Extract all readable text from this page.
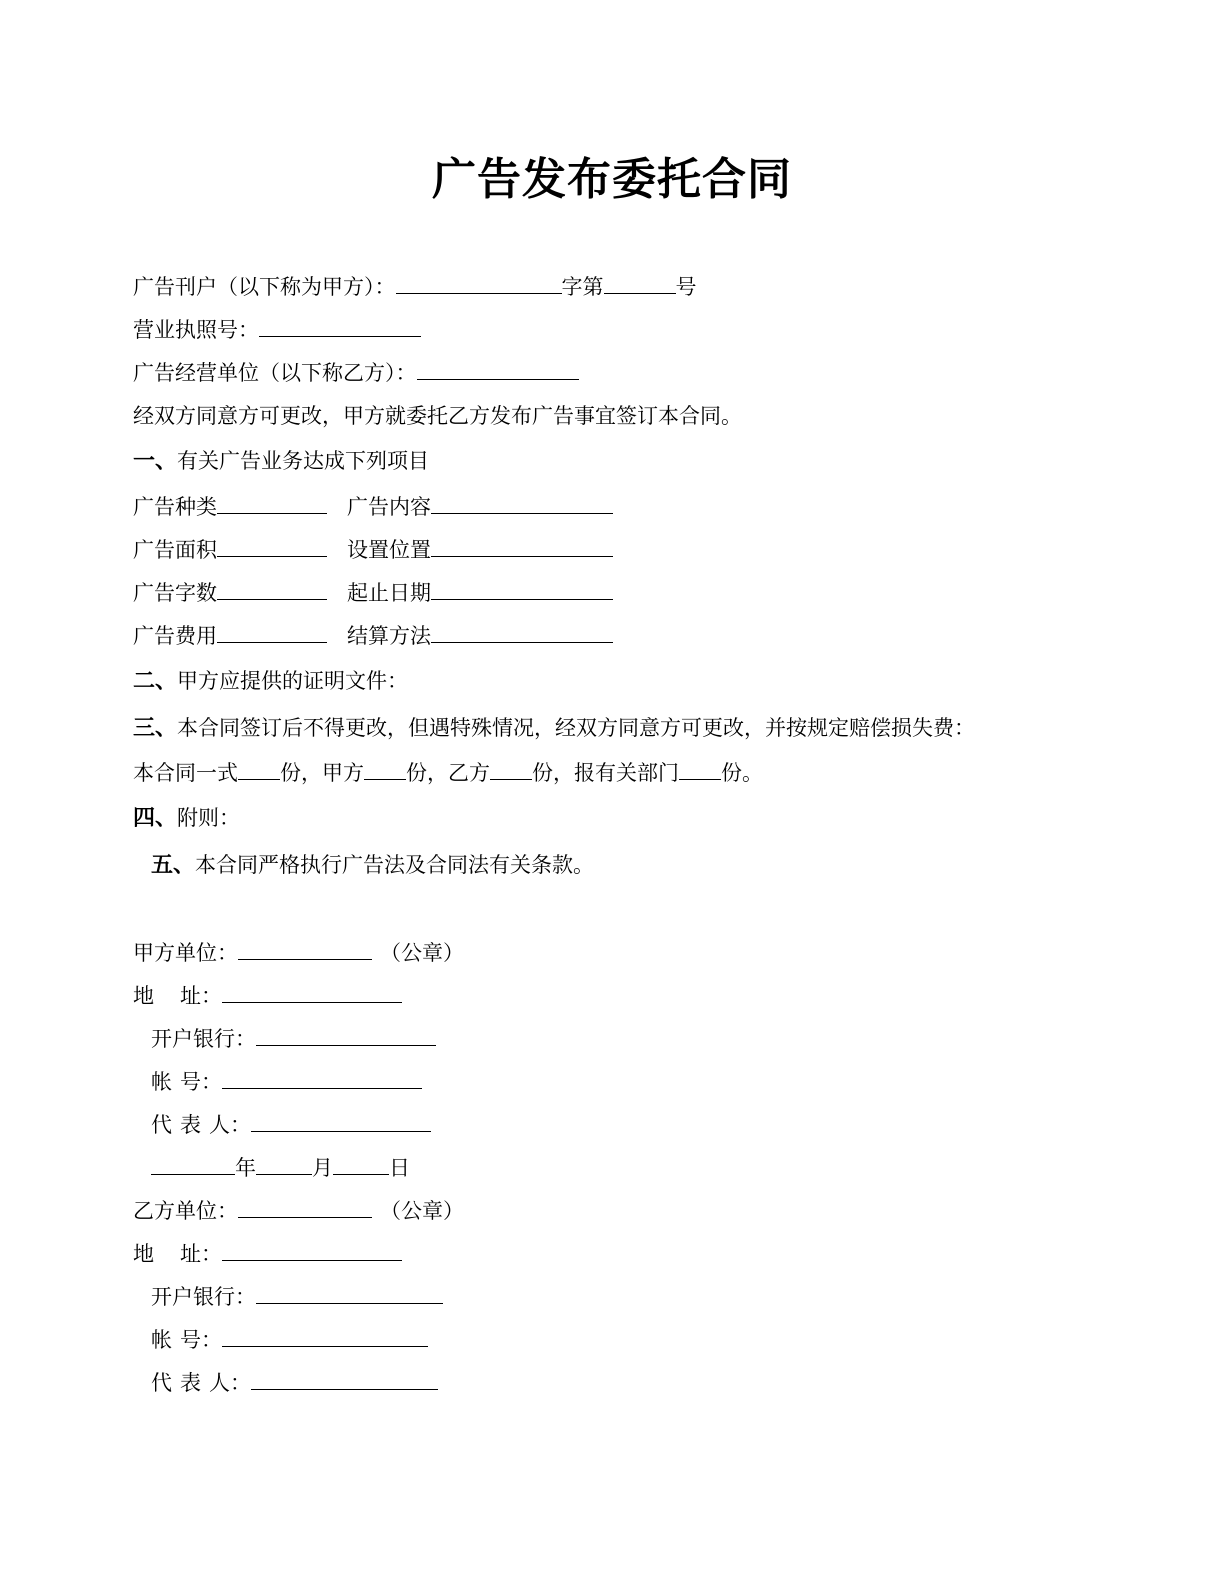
广告发布委托合同
广告刊户（以下称为甲方）：	字第	号
营业执照号：
广告经营单位（以下称乙方）：
经双方同意方可更改，甲方就委托乙方发布广告事宜签订本合同。
一、有关广告业务达成下列项目
广告种类	广告内容
广告面积	设置位置
广告字数	起止日期
广告费用	结算方法
二、甲方应提供的证明文件：
三、本合同签订后不得更改，但遇特殊情况，经双方同意方可更改，并按规定赔偿损失费：
本合同一式 份，甲方 份，乙方 份，报有关部门 份。
四、附则：
五、本合同严格执行广告法及合同法有关条款。
甲方单位：	（公章）
地 址：
开户银行：
帐 号：
代 表 人：
年	月	日
乙方单位：	（公章）
地 址：
开户银行：
帐 号：
代 表 人：
